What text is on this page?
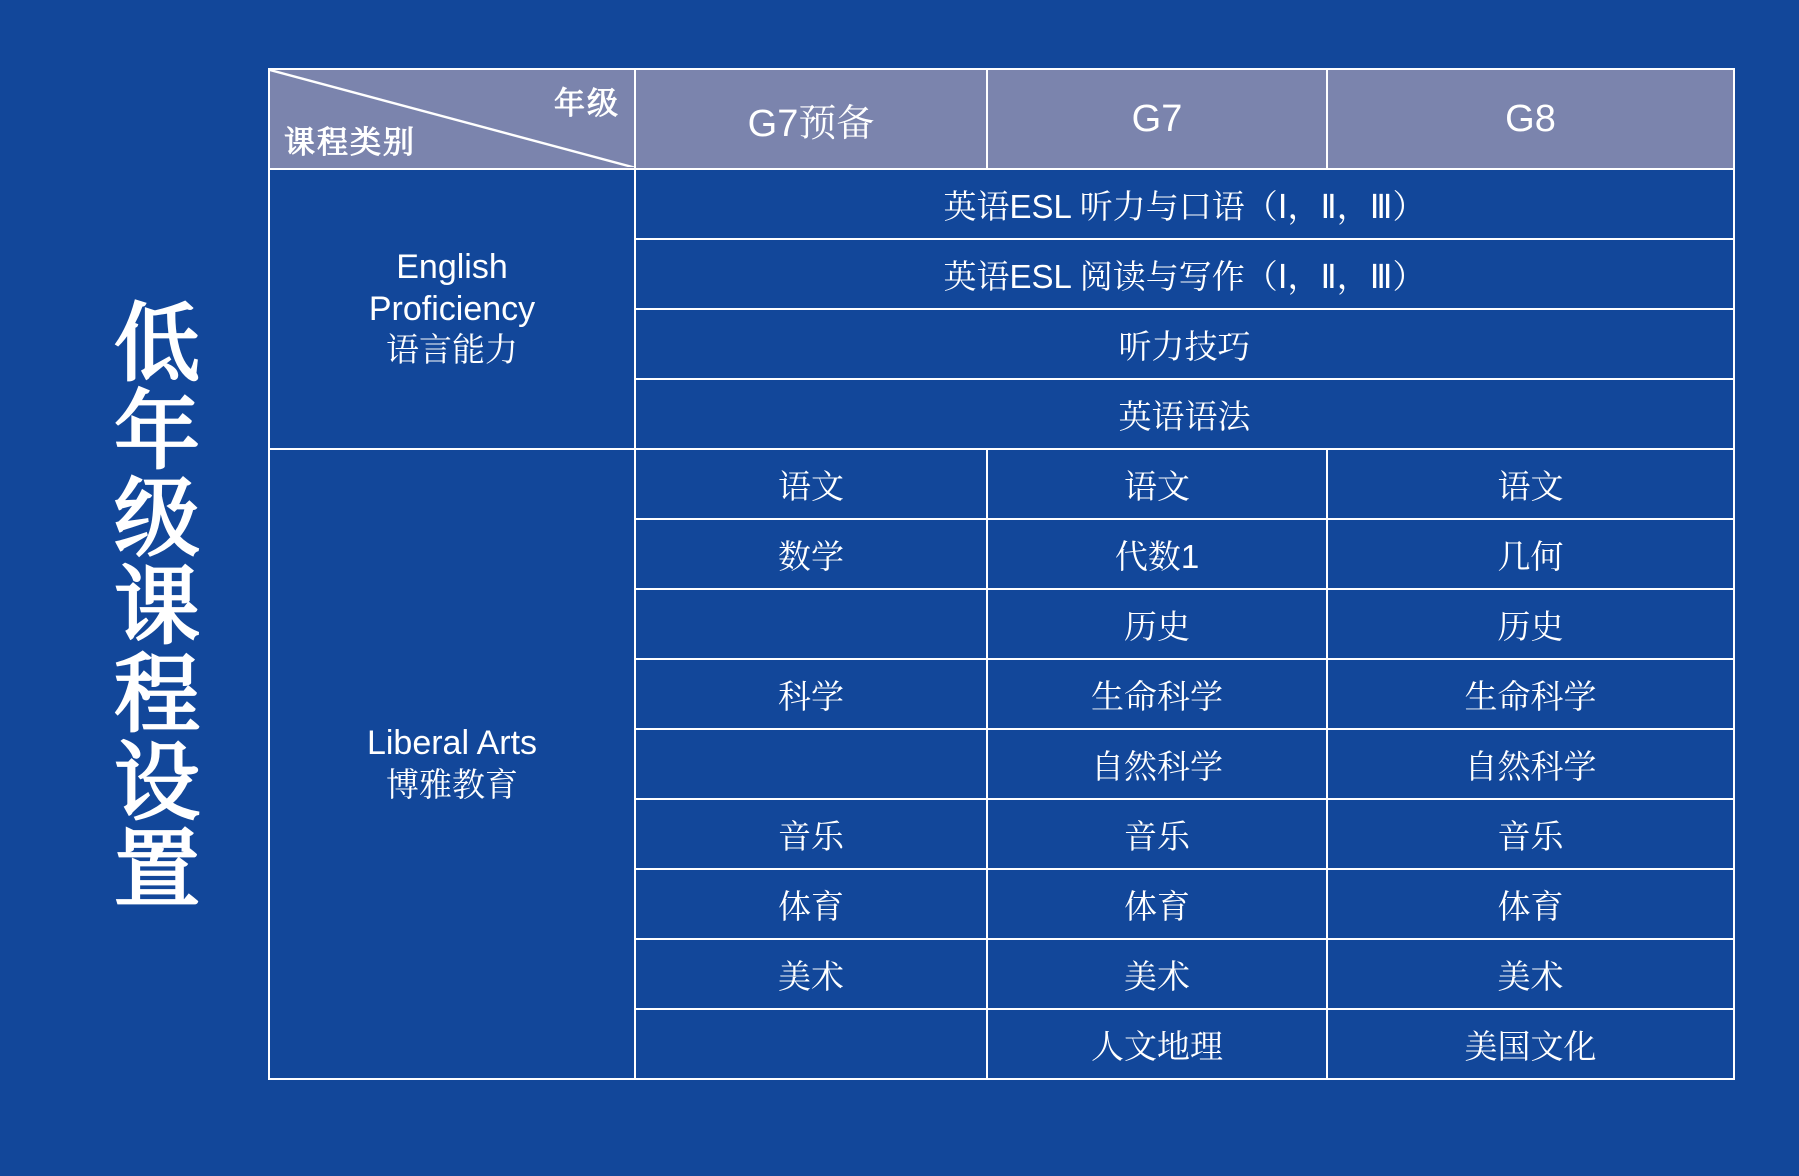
低
年
级
课
程
设
置
年级
课程类别	G7预备	G7	G8

English
Proficiency
语言能力	英语ESL 听力与口语（Ⅰ，Ⅱ，Ⅲ）		
	英语ESL 阅读与写作（Ⅰ，Ⅱ，Ⅲ）		
	听力技巧		
	英语语法		

Liberal Arts
博雅教育	语文	语文	语文
	数学	代数1	几何
		历史	历史
	科学	生命科学	生命科学
		自然科学	自然科学
	音乐	音乐	音乐
	体育	体育	体育
	美术	美术	美术
		人文地理	美国文化
